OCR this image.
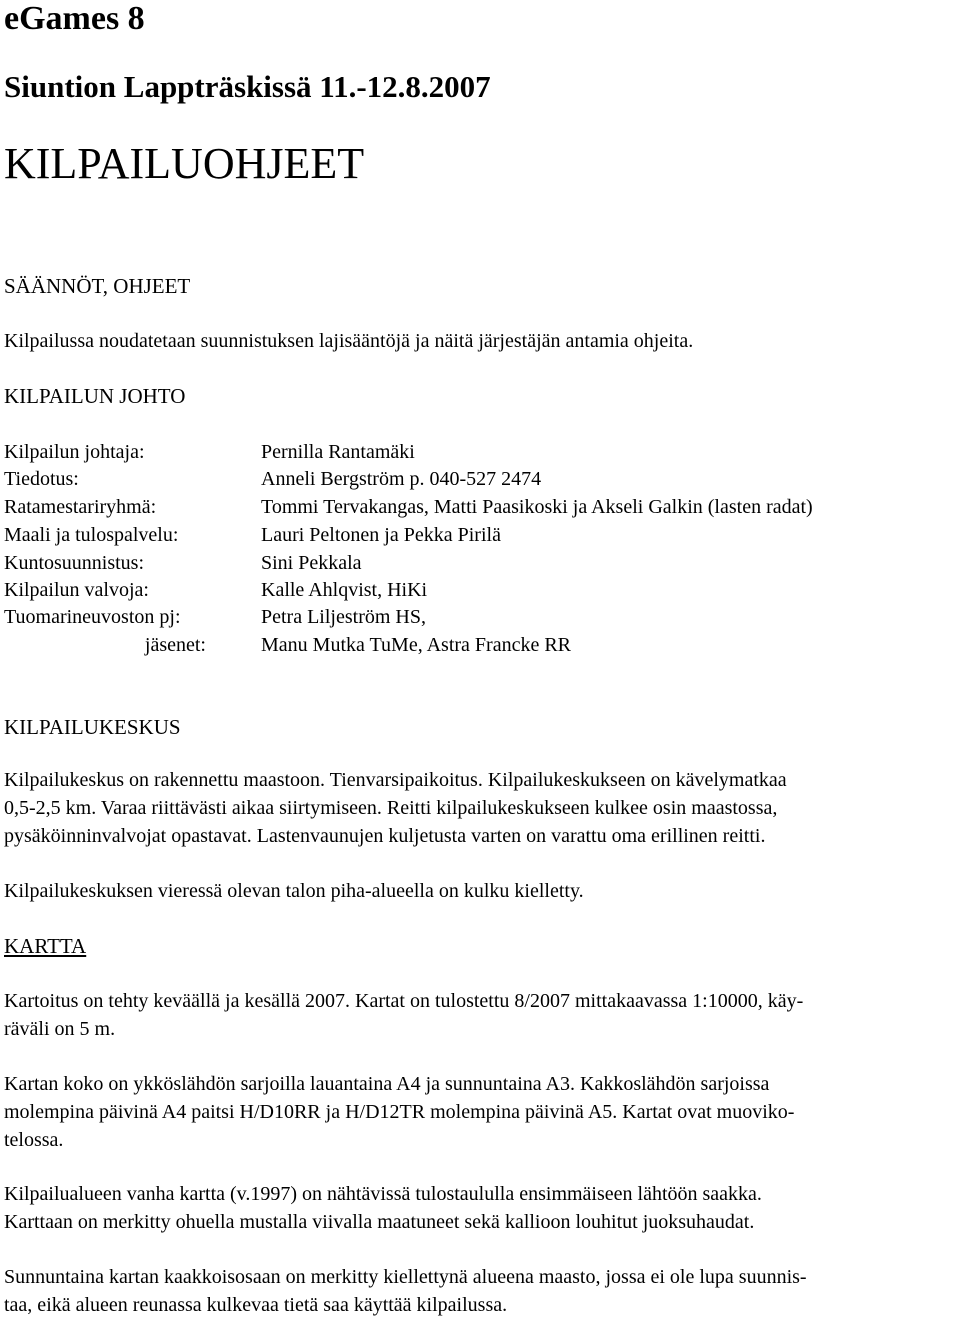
eGames 8
Siuntion Lappträskissä 11.-12.8.2007
KILPAILUOHJEET
SÄÄNNÖT, OHJEET
Kilpailussa noudatetaan suunnistuksen lajisääntöjä ja näitä järjestäjän antamia ohjeita.
KILPAILUN JOHTO
Kilpailun johtaja:	Pernilla Rantamäki
Tiedotus:	Anneli Bergström p. 040-527 2474
Ratamestariryhmä:	Tommi Tervakangas, Matti Paasikoski ja Akseli Galkin (lasten radat)
Maali ja tulospalvelu:	Lauri Peltonen ja Pekka Pirilä
Kuntosuunnistus:	Sini Pekkala
Kilpailun valvoja:	Kalle Ahlqvist, HiKi
Tuomarineuvoston pj:	Petra Liljeström HS,
jäsenet:	Manu Mutka TuMe, Astra Francke RR
KILPAILUKESKUS
Kilpailukeskus on rakennettu maastoon. Tienvarsipaikoitus. Kilpailukeskukseen on kävelymatkaa
0,5-2,5 km. Varaa riittävästi aikaa siirtymiseen. Reitti kilpailukeskukseen kulkee osin maastossa,
pysäköinninvalvojat opastavat. Lastenvaunujen kuljetusta varten on varattu oma erillinen reitti.
Kilpailukeskuksen vieressä olevan talon piha-alueella on kulku kielletty.
KARTTA
Kartoitus on tehty keväällä ja kesällä 2007. Kartat on tulostettu 8/2007 mittakaavassa 1:10000, käy-
räväli on 5 m.
Kartan koko on ykköslähdön sarjoilla lauantaina A4 ja sunnuntaina A3. Kakkoslähdön sarjoissa
molempina päivinä A4 paitsi H/D10RR ja H/D12TR molempina päivinä A5. Kartat ovat muoviko-
telossa.
Kilpailualueen vanha kartta (v.1997) on nähtävissä tulostaululla ensimmäiseen lähtöön saakka.
Karttaan on merkitty ohuella mustalla viivalla maatuneet sekä kallioon louhitut juoksuhaudat.
Sunnuntaina kartan kaakkoisosaan on merkitty kiellettynä alueena maasto, jossa ei ole lupa suunnis-
taa, eikä alueen reunassa kulkevaa tietä saa käyttää kilpailussa.
